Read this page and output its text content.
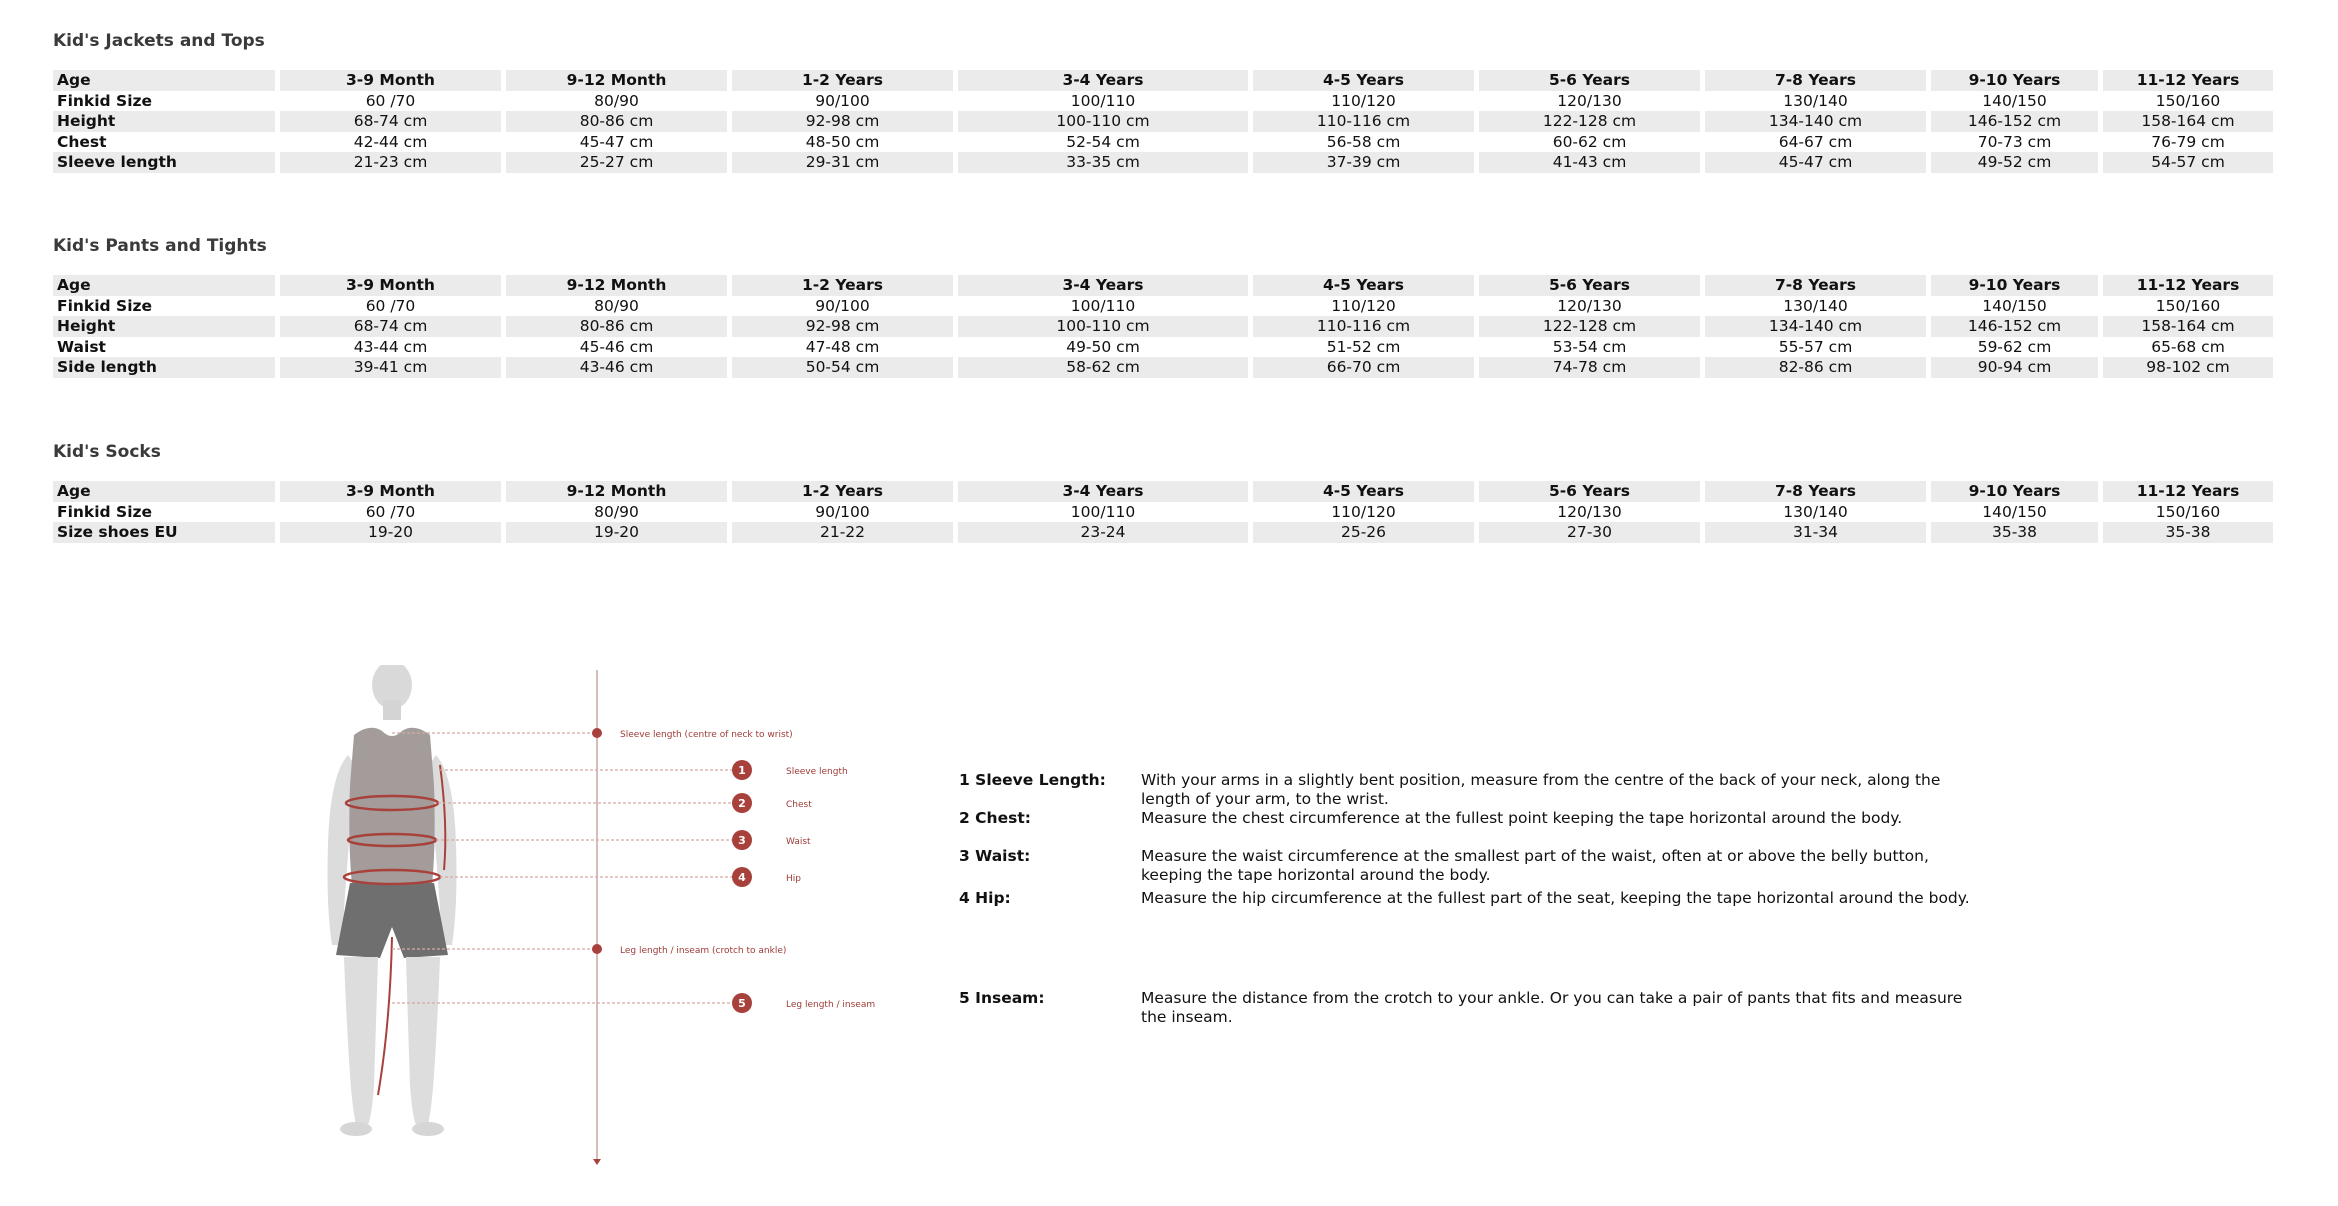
Kid's Jackets and Tops
Age	3-9 Month	9-12 Month	1-2 Years	3-4 Years	4-5 Years	5-6 Years	7-8 Years	9-10 Years	11-12 Years
Finkid Size	60 /70	80/90	90/100	100/110	110/120	120/130	130/140	140/150	150/160
Height	68-74 cm	80-86 cm	92-98 cm	100-110 cm	110-116 cm	122-128 cm	134-140 cm	146-152 cm	158-164 cm
Chest	42-44 cm	45-47 cm	48-50 cm	52-54 cm	56-58 cm	60-62 cm	64-67 cm	70-73 cm	76-79 cm
Sleeve length	21-23 cm	25-27 cm	29-31 cm	33-35 cm	37-39 cm	41-43 cm	45-47 cm	49-52 cm	54-57 cm
Kid's Pants and Tights
Age	3-9 Month	9-12 Month	1-2 Years	3-4 Years	4-5 Years	5-6 Years	7-8 Years	9-10 Years	11-12 Years
Finkid Size	60 /70	80/90	90/100	100/110	110/120	120/130	130/140	140/150	150/160
Height	68-74 cm	80-86 cm	92-98 cm	100-110 cm	110-116 cm	122-128 cm	134-140 cm	146-152 cm	158-164 cm
Waist	43-44 cm	45-46 cm	47-48 cm	49-50 cm	51-52 cm	53-54 cm	55-57 cm	59-62 cm	65-68 cm
Side length	39-41 cm	43-46 cm	50-54 cm	58-62 cm	66-70 cm	74-78 cm	82-86 cm	90-94 cm	98-102 cm
Kid's Socks
Age	3-9 Month	9-12 Month	1-2 Years	3-4 Years	4-5 Years	5-6 Years	7-8 Years	9-10 Years	11-12 Years
Finkid Size	60 /70	80/90	90/100	100/110	110/120	120/130	130/140	140/150	150/160
Size shoes EU	19-20	19-20	21-22	23-24	25-26	27-30	31-34	35-38	35-38
Sleeve length (centre of neck to wrist)
Leg length / inseam (crotch to ankle)
1	Sleeve length
2	Chest
3	Waist
4	Hip
5	Leg length / inseam
1 Sleeve Length: With your arms in a slightly bent position, measure from the centre of the back of your neck, along the length of your arm, to the wrist.
2 Chest:	Measure the chest circumference at the fullest point keeping the tape horizontal around the body.
3 Waist:	Measure the waist circumference at the smallest part of the waist, often at or above the belly button, keeping the tape horizontal around the body.
4 Hip:	Measure the hip circumference at the fullest part of the seat, keeping the tape horizontal around the body.
5 Inseam:	Measure the distance from the crotch to your ankle. Or you can take a pair of pants that fits and measure the inseam.
